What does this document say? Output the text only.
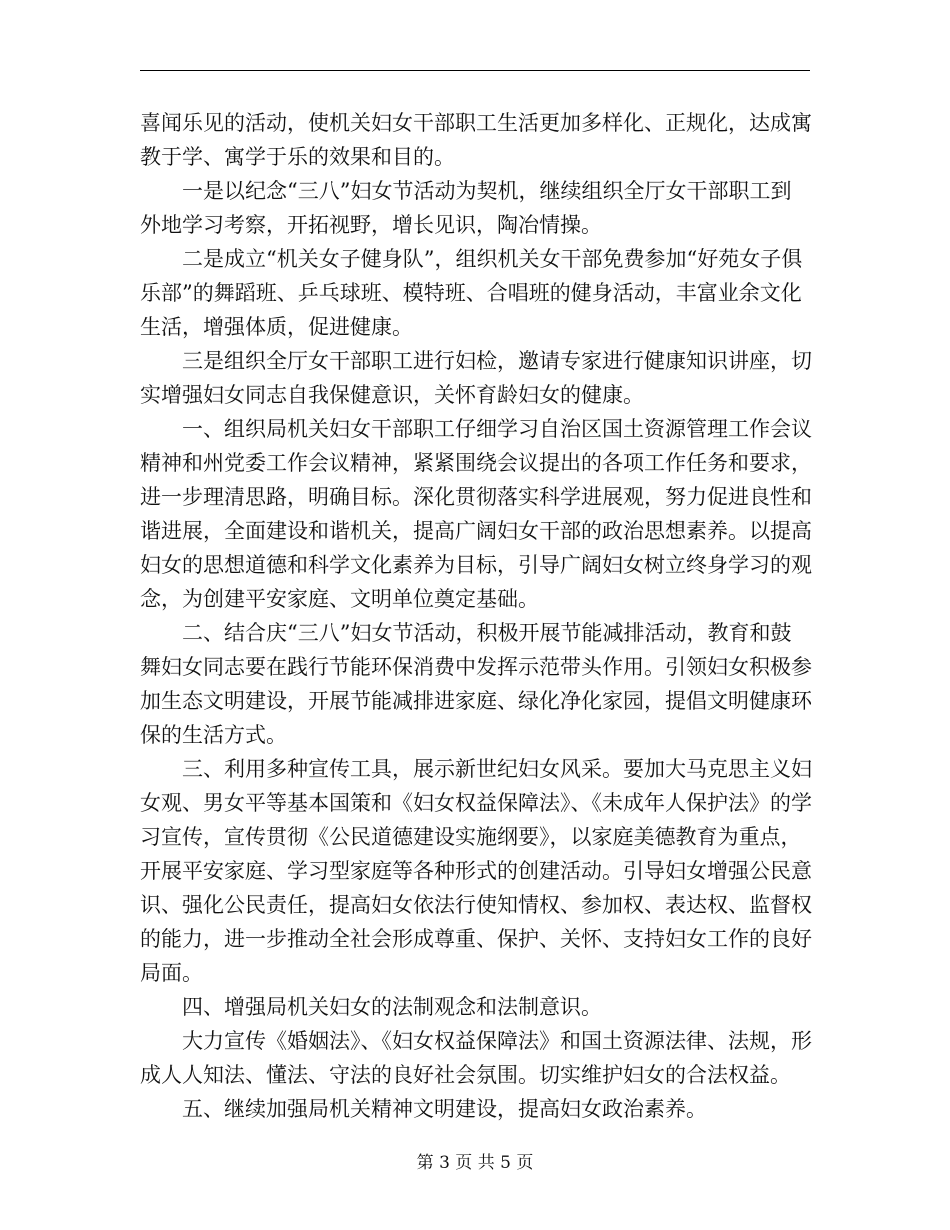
喜闻乐见的活动，使机关妇女干部职工生活更加多样化、正规化，达成寓教于学、寓学于乐的效果和目的。

一是以纪念“三八”妇女节活动为契机，继续组织全厅女干部职工到外地学习考察，开拓视野，增长见识，陶冶情操。

二是成立“机关女子健身队”，组织机关女干部免费参加“好苑女子俱乐部”的舞蹈班、乒乓球班、模特班、合唱班的健身活动，丰富业余文化生活，增强体质，促进健康。

三是组织全厅女干部职工进行妇检，邀请专家进行健康知识讲座，切实增强妇女同志自我保健意识，关怀育龄妇女的健康。

一、组织局机关妇女干部职工仔细学习自治区国土资源管理工作会议精神和州党委工作会议精神，紧紧围绕会议提出的各项工作任务和要求，进一步理清思路，明确目标。深化贯彻落实科学进展观，努力促进良性和谐进展，全面建设和谐机关，提高广阔妇女干部的政治思想素养。以提高妇女的思想道德和科学文化素养为目标，引导广阔妇女树立终身学习的观念，为创建平安家庭、文明单位奠定基础。

二、结合庆“三八”妇女节活动，积极开展节能减排活动，教育和鼓舞妇女同志要在践行节能环保消费中发挥示范带头作用。引领妇女积极参加生态文明建设，开展节能减排进家庭、绿化净化家园，提倡文明健康环保的生活方式。

三、利用多种宣传工具，展示新世纪妇女风采。要加大马克思主义妇女观、男女平等基本国策和《妇女权益保障法》、《未成年人保护法》的学习宣传，宣传贯彻《公民道德建设实施纲要》，以家庭美德教育为重点，开展平安家庭、学习型家庭等各种形式的创建活动。引导妇女增强公民意识、强化公民责任，提高妇女依法行使知情权、参加权、表达权、监督权的能力，进一步推动全社会形成尊重、保护、关怀、支持妇女工作的良好局面。

四、增强局机关妇女的法制观念和法制意识。

大力宣传《婚姻法》、《妇女权益保障法》和国土资源法律、法规，形成人人知法、懂法、守法的良好社会氛围。切实维护妇女的合法权益。

五、继续加强局机关精神文明建设，提高妇女政治素养。

第 3 页 共 5 页
